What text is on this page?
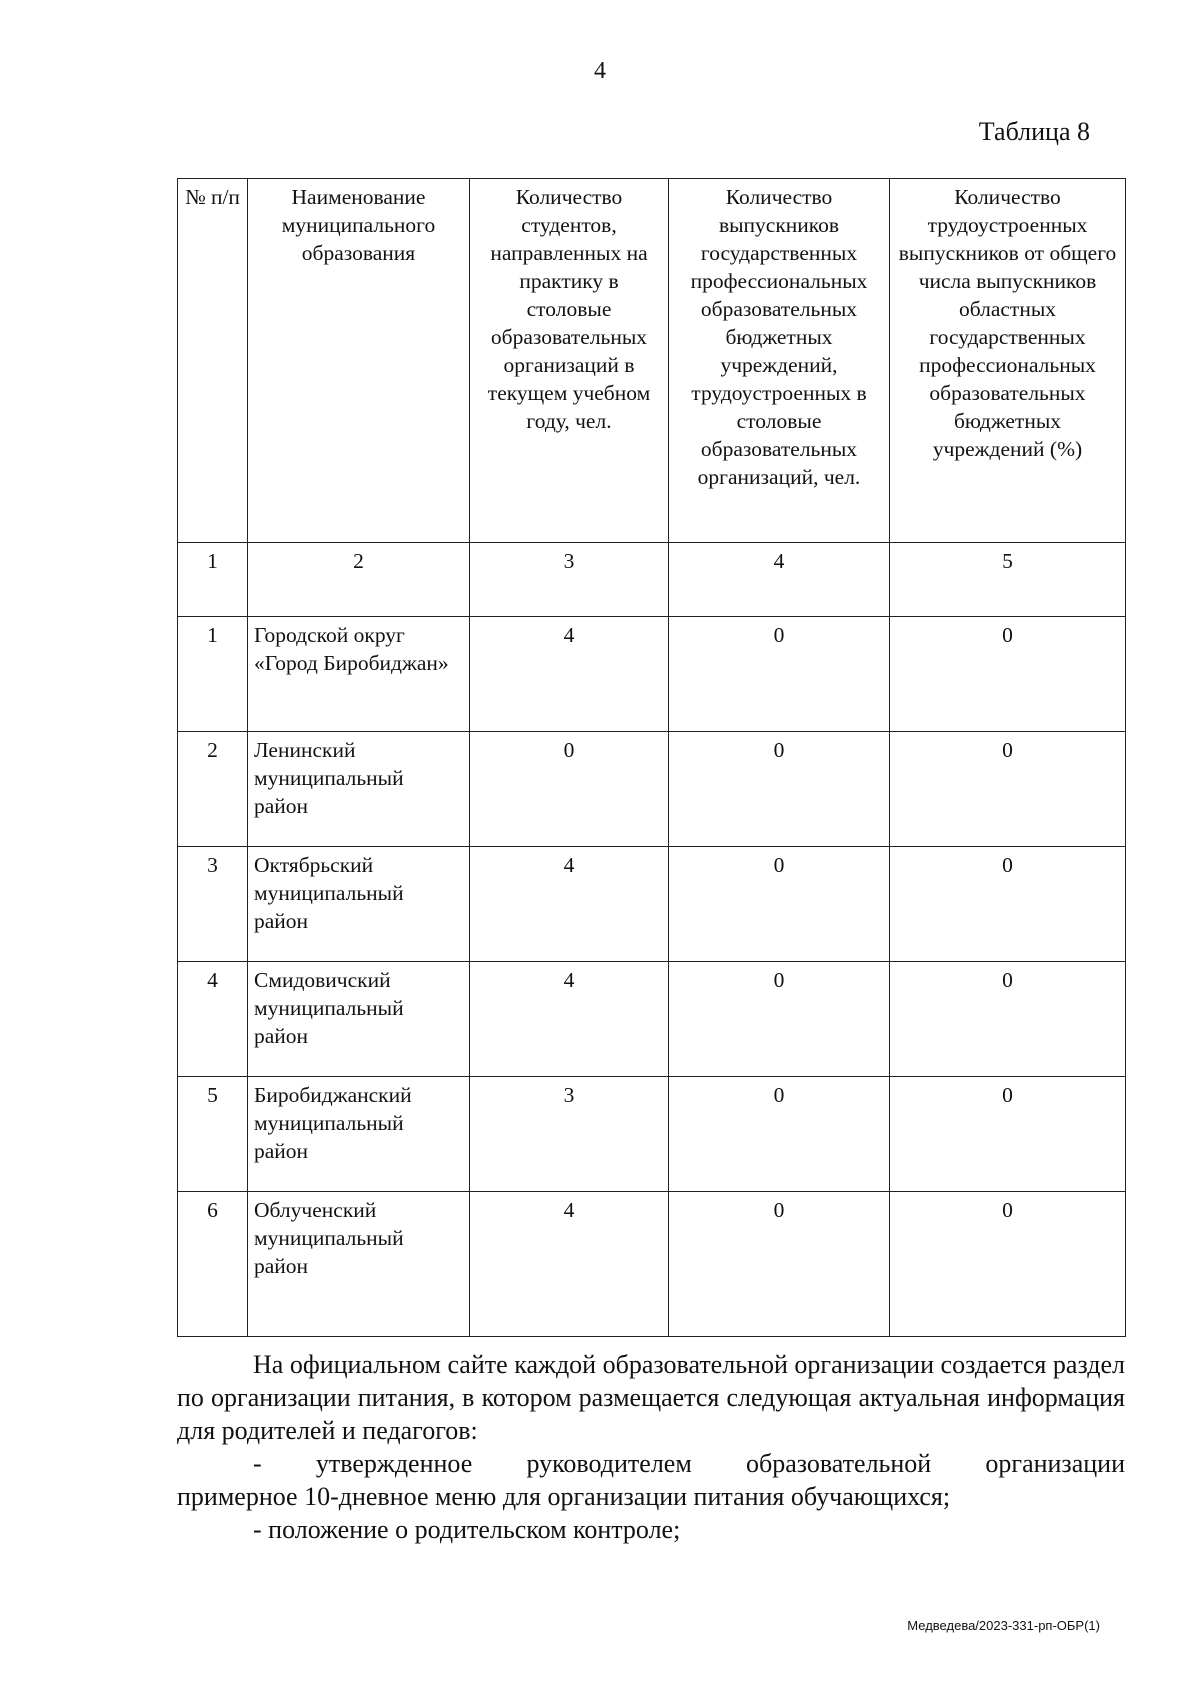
4
Таблица 8
№ п/п	Наименование муниципального образования	Количество студентов, направленных на практику в столовые образовательных организаций в текущем учебном году, чел.	Количество выпускников государственных профессиональных образовательных бюджетных учреждений, трудоустроенных в столовые образовательных организаций, чел.	Количество трудоустроенных выпускников от общего числа выпускников областных государственных профессиональных образовательных бюджетных учреждений (%)
1	2	3	4	5
1	Городской округ «Город Биробиджан»	4	0	0
2	Ленинский муниципальный район	0	0	0
3	Октябрьский муниципальный район	4	0	0
4	Смидовичский муниципальный район	4	0	0
5	Биробиджанский муниципальный район	3	0	0
6	Облученский муниципальный район	4	0	0

На официальном сайте каждой образовательной организации создается раздел по организации питания, в котором размещается следующая актуальная информация для родителей и педагогов:

- утвержденное руководителем образовательной организации

примерное 10-дневное меню для организации питания обучающихся;

- положение о родительском контроле;

Медведева/2023-331-рп-ОБР(1)
